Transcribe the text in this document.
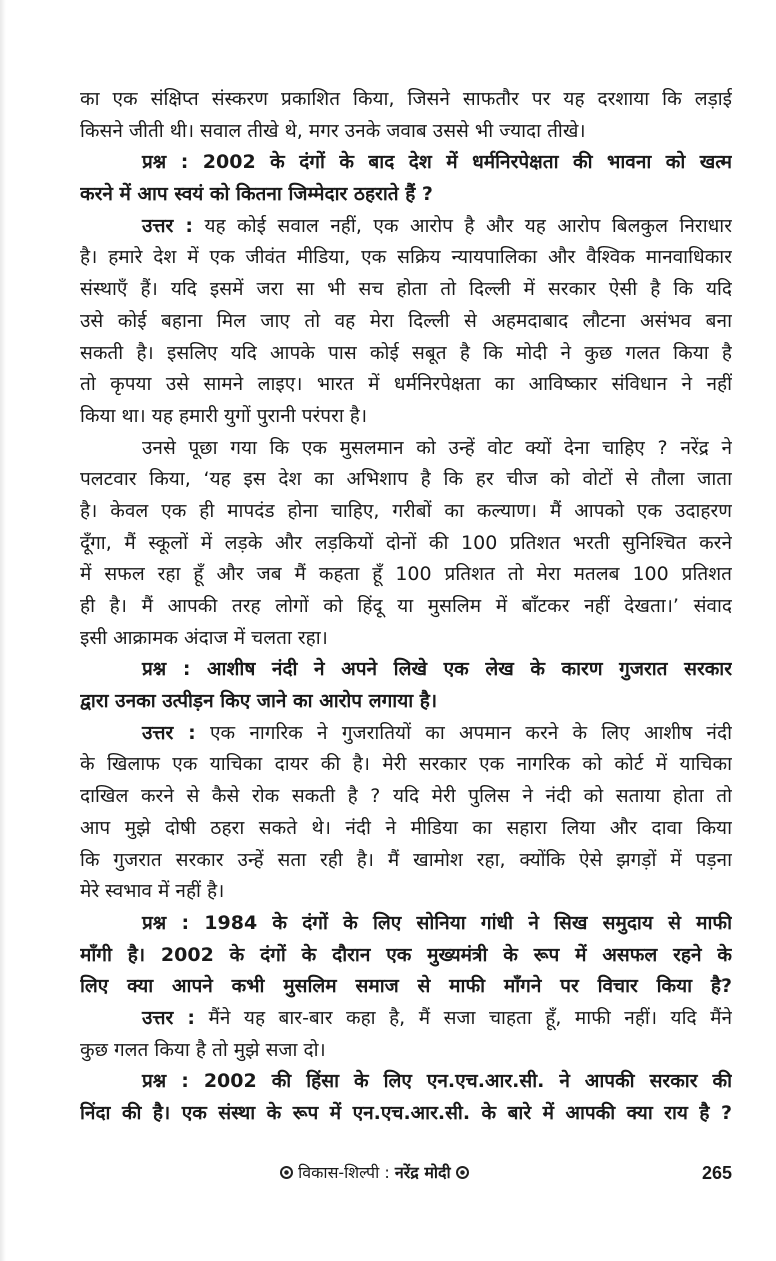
का एक संक्षिप्त संस्करण प्रकाशित किया, जिसने साफतौर पर यह दरशाया कि लड़ाई
किसने जीती थी। सवाल तीखे थे, मगर उनके जवाब उससे भी ज्यादा तीखे।
प्रश्न : 2002 के दंगों के बाद देश में धर्मनिरपेक्षता की भावना को खत्म
करने में आप स्वयं को कितना जिम्मेदार ठहराते हैं ?
उत्तर : यह कोई सवाल नहीं, एक आरोप है और यह आरोप बिलकुल निराधार
है। हमारे देश में एक जीवंत मीडिया, एक सक्रिय न्यायपालिका और वैश्विक मानवाधिकार
संस्थाएँ हैं। यदि इसमें जरा सा भी सच होता तो दिल्ली में सरकार ऐसी है कि यदि
उसे कोई बहाना मिल जाए तो वह मेरा दिल्ली से अहमदाबाद लौटना असंभव बना
सकती है। इसलिए यदि आपके पास कोई सबूत है कि मोदी ने कुछ गलत किया है
तो कृपया उसे सामने लाइए। भारत में धर्मनिरपेक्षता का आविष्कार संविधान ने नहीं
किया था। यह हमारी युगों पुरानी परंपरा है।
उनसे पूछा गया कि एक मुसलमान को उन्हें वोट क्यों देना चाहिए ? नरेंद्र ने
पलटवार किया, ‘यह इस देश का अभिशाप है कि हर चीज को वोटों से तौला जाता
है। केवल एक ही मापदंड होना चाहिए, गरीबों का कल्याण। मैं आपको एक उदाहरण
दूँगा, मैं स्कूलों में लड़के और लड़कियों दोनों की 100 प्रतिशत भरती सुनिश्चित करने
में सफल रहा हूँ और जब मैं कहता हूँ 100 प्रतिशत तो मेरा मतलब 100 प्रतिशत
ही है। मैं आपकी तरह लोगों को हिंदू या मुसलिम में बाँटकर नहीं देखता।’ संवाद
इसी आक्रामक अंदाज में चलता रहा।
प्रश्न : आशीष नंदी ने अपने लिखे एक लेख के कारण गुजरात सरकार
द्वारा उनका उत्पीड़न किए जाने का आरोप लगाया है।
उत्तर : एक नागरिक ने गुजरातियों का अपमान करने के लिए आशीष नंदी
के खिलाफ एक याचिका दायर की है। मेरी सरकार एक नागरिक को कोर्ट में याचिका
दाखिल करने से कैसे रोक सकती है ? यदि मेरी पुलिस ने नंदी को सताया होता तो
आप मुझे दोषी ठहरा सकते थे। नंदी ने मीडिया का सहारा लिया और दावा किया
कि गुजरात सरकार उन्हें सता रही है। मैं खामोश रहा, क्योंकि ऐसे झगड़ों में पड़ना
मेरे स्वभाव में नहीं है।
प्रश्न : 1984 के दंगों के लिए सोनिया गांधी ने सिख समुदाय से माफी
माँगी है। 2002 के दंगों के दौरान एक मुख्यमंत्री के रूप में असफल रहने के
लिए क्या आपने कभी मुसलिम समाज से माफी माँगने पर विचार किया है?
उत्तर : मैंने यह बार-बार कहा है, मैं सजा चाहता हूँ, माफी नहीं। यदि मैंने
कुछ गलत किया है तो मुझे सजा दो।
प्रश्न : 2002 की हिंसा के लिए एन.एच.आर.सी. ने आपकी सरकार की
निंदा की है। एक संस्था के रूप में एन.एच.आर.सी. के बारे में आपकी क्या राय है ?
विकास-शिल्पी : नरेंद्र मोदी	265
